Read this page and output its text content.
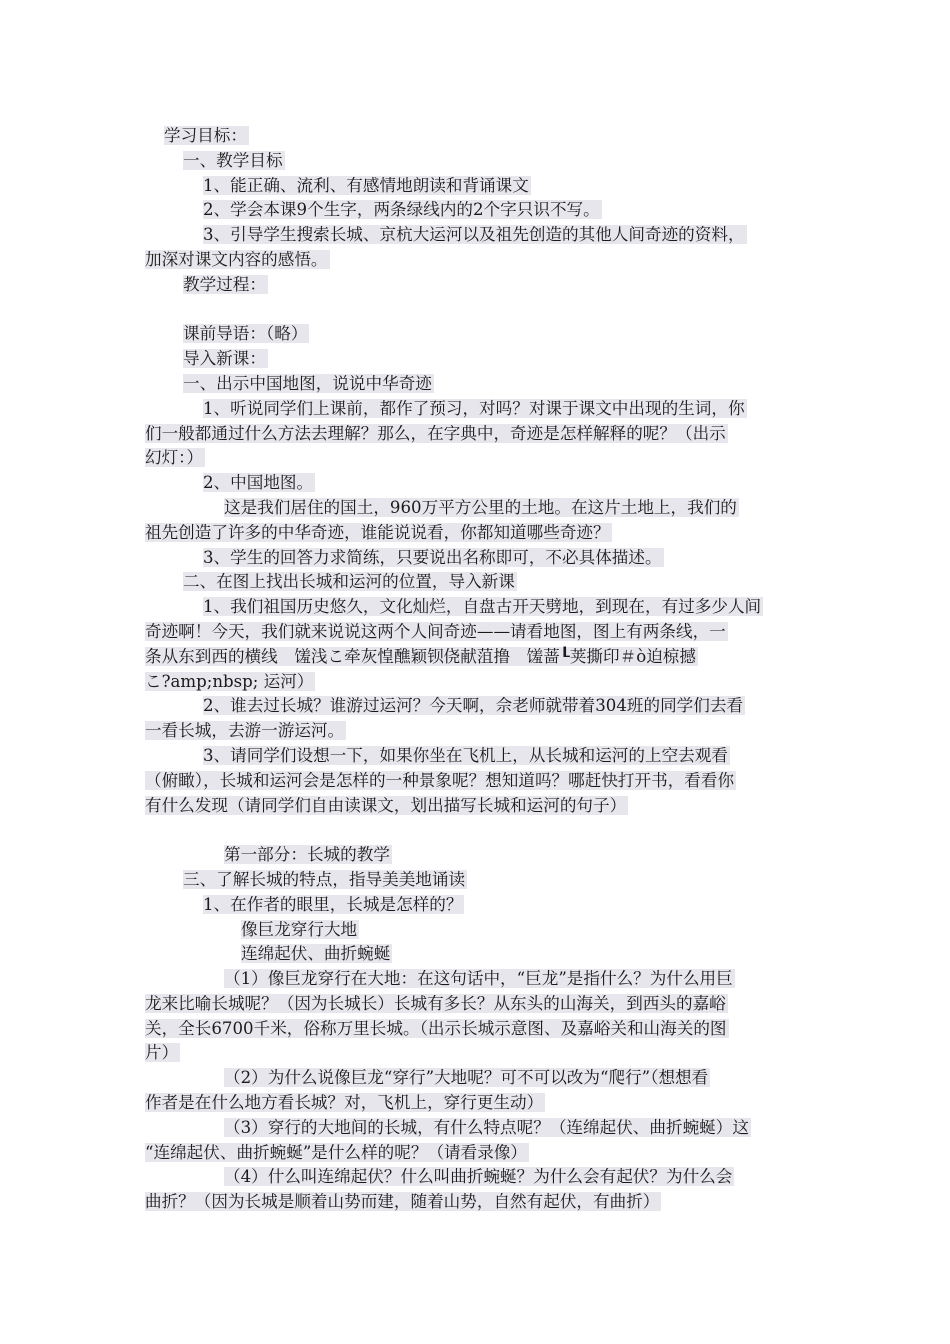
学习目标：
一、教学目标
1、能正确、流利、有感情地朗读和背诵课文
2、学会本课9个生字，两条绿线内的2个字只识不写。
3、引导学生搜索长城、京杭大运河以及祖先创造的其他人间奇迹的资料，
加深对课文内容的感悟。
教学过程：
课前导语：（略）
导入新课：
一、出示中国地图，说说中华奇迹
1、听说同学们上课前，都作了预习，对吗？对课于课文中出现的生词，你
们一般都通过什么方法去理解？那么，在字典中，奇迹是怎样解释的呢？（出示
幻灯：）
2、中国地图。
这是我们居住的国土，960万平方公里的土地。在这片土地上，我们的
祖先创造了许多的中华奇迹，谁能说说看，你都知道哪些奇迹？
3、学生的回答力求简练，只要说出名称即可，不必具体描述。
二、在图上找出长城和运河的位置，导入新课
1、我们祖国历史悠久，文化灿烂，自盘古开天劈地，到现在，有过多少人间
奇迹啊！今天，我们就来说说这两个人间奇迹——请看地图，图上有两条线，一
条从东到西的横线　馐浅こ牵灰惶醮颖钡侥献菹撸　馐蔷┖荚撕印＃ò迫椋撼
こ?amp;nbsp; 运河）
2、谁去过长城？谁游过运河？今天啊，佘老师就带着304班的同学们去看
一看长城，去游一游运河。
3、请同学们设想一下，如果你坐在飞机上，从长城和运河的上空去观看
（俯瞰），长城和运河会是怎样的一种景象呢？想知道吗？哪赶快打开书，看看你
有什么发现（请同学们自由读课文，划出描写长城和运河的句子）
第一部分：长城的教学
三、了解长城的特点，指导美美地诵读
1、在作者的眼里，长城是怎样的？
像巨龙穿行大地
连绵起伏、曲折蜿蜒
（1）像巨龙穿行在大地：在这句话中，“巨龙”是指什么？为什么用巨
龙来比喻长城呢？（因为长城长）长城有多长？从东头的山海关，到西头的嘉峪
关，全长6700千米，俗称万里长城。（出示长城示意图、及嘉峪关和山海关的图
片）
（2）为什么说像巨龙“穿行”大地呢？可不可以改为“爬行”（想想看
作者是在什么地方看长城？对，飞机上，穿行更生动）
（3）穿行的大地间的长城，有什么特点呢？（连绵起伏、曲折蜿蜒）这
“连绵起伏、曲折蜿蜒”是什么样的呢？（请看录像）
（4）什么叫连绵起伏？什么叫曲折蜿蜒？为什么会有起伏？为什么会
曲折？（因为长城是顺着山势而建，随着山势，自然有起伏，有曲折）
